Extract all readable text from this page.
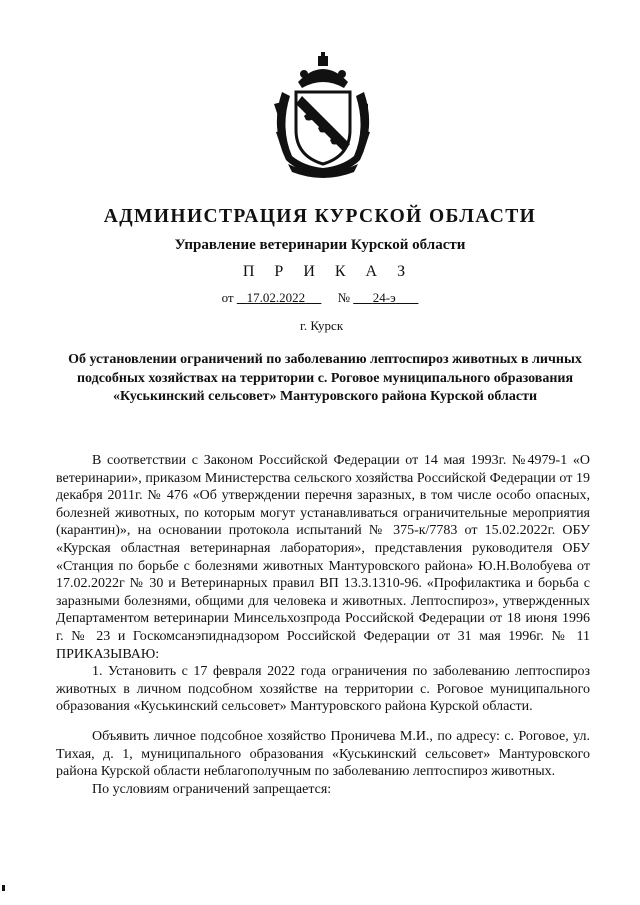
АДМИНИСТРАЦИЯ КУРСКОЙ ОБЛАСТИ
Управление ветеринарии Курской области
П Р И К А З
от 17.02.2022	№ 24-э
г. Курск
Об установлении ограничений по заболеванию лептоспироз животных в личных подсобных хозяйствах на территории с. Роговое муниципального образования «Куськинский сельсовет» Мантуровского района Курской области

В соответствии с Законом Российской Федерации от 14 мая 1993г. №4979-1 «О ветеринарии», приказом Министерства сельского хозяйства Российской Федерации от 19 декабря 2011г. № 476 «Об утверждении перечня заразных, в том числе особо опасных, болезней животных, по которым могут устанавливаться ограничительные мероприятия (карантин)», на основании протокола испытаний № 375-к/7783 от 15.02.2022г. ОБУ «Курская областная ветеринарная лаборатория», представления руководителя ОБУ «Станция по борьбе с болезнями животных Мантуровского района» Ю.Н.Волобуева от 17.02.2022г № 30 и Ветеринарных правил ВП 13.3.1310-96. «Профилактика и борьба с заразными болезнями, общими для человека и животных. Лептоспироз», утвержденных Департаментом ветеринарии Минсельхозпрода Российской Федерации от 18 июня 1996 г. № 23 и Госкомсанэпиднадзором Российской Федерации от 31 мая 1996г. № 11 ПРИКАЗЫВАЮ:

1. Установить с 17 февраля 2022 года ограничения по заболеванию лептоспироз животных в личном подсобном хозяйстве на территории с. Роговое муниципального образования «Куськинский сельсовет» Мантуровского района Курской области.

Объявить личное подсобное хозяйство Проничева М.И., по адресу: с. Роговое, ул. Тихая, д. 1, муниципального образования «Куськинский сельсовет» Мантуровского района Курской области неблагополучным по заболеванию лептоспироз животных.

По условиям ограничений запрещается:
